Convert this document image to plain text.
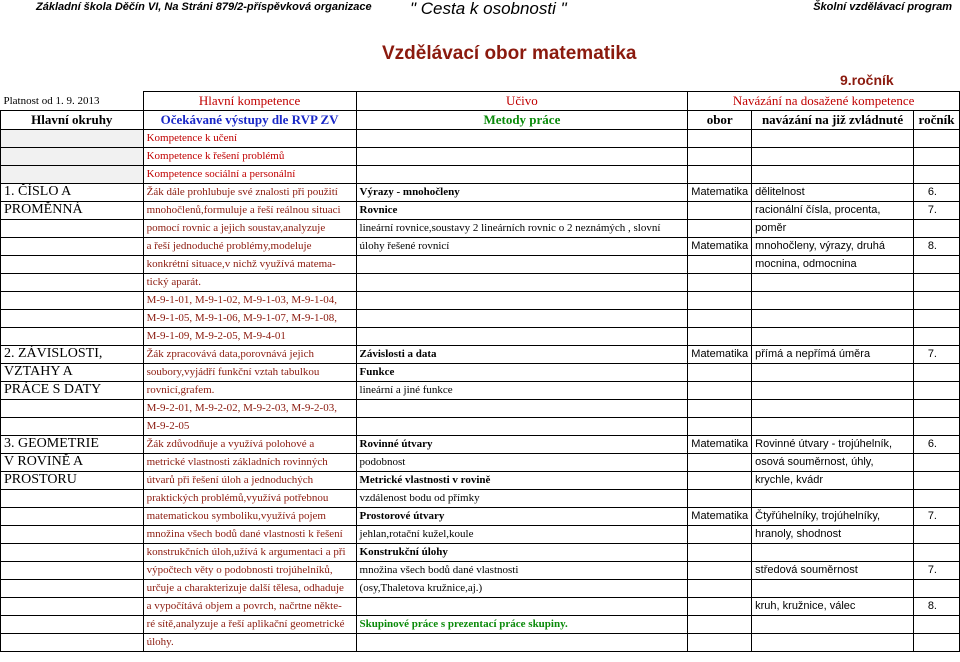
Základní škola Děčín VI, Na Stráni 879/2-příspěvková organizace " Cesta k osobnosti "	Školní vzdělávací program
Vzdělávací obor matematika
9.ročník
Platnost od 1. 9. 2013	Hlavní kompetence	Učivo	Navázání na dosažené kompetence		
Hlavní okruhy	Očekávané výstupy dle RVP ZV	Metody práce	obor	navázání na již zvládnuté	ročník
	Kompetence k učení				
	Kompetence k řešení problémů				
	Kompetence sociální a personální				
1. ČÍSLO A	Žák dále prohlubuje své znalosti při použití	Výrazy - mnohočleny	Matematika	dělitelnost	6.
PROMĚNNÁ	mnohočlenů,formuluje a řeší reálnou situaci	Rovnice		racionální čísla, procenta,	7.
	pomocí rovnic a jejich soustav,analyzuje	lineární rovnice,soustavy 2 lineárních rovnic o 2 neznámých , slovní		poměr	
	a řeší jednoduché problémy,modeluje	úlohy řešené rovnicí	Matematika	mnohočleny, výrazy, druhá	8.
	konkrétní situace,v nichž využívá matema-			mocnina, odmocnina	
	tický aparát.				
	M-9-1-01, M-9-1-02, M-9-1-03, M-9-1-04,				
	M-9-1-05, M-9-1-06, M-9-1-07, M-9-1-08,				
	M-9-1-09, M-9-2-05, M-9-4-01				
2. ZÁVISLOSTI,	Žák zpracovává data,porovnává jejich	Závislosti a data	Matematika	přímá a nepřímá úměra	7.
VZTAHY A	soubory,vyjádří funkční vztah tabulkou	Funkce			
PRÁCE S DATY	rovnicí,grafem.	lineární a jiné funkce			
	M-9-2-01, M-9-2-02, M-9-2-03, M-9-2-03,				
	M-9-2-05				
3. GEOMETRIE	Žák zdůvodňuje a využívá polohové a	Rovinné útvary	Matematika	Rovinné útvary - trojúhelník,	6.
V ROVINĚ A	metrické vlastnosti základních rovinných	podobnost		osová souměrnost, úhly,	
PROSTORU	útvarů při řešení úloh a jednoduchých	Metrické vlastnosti v rovině		krychle, kvádr	
	praktických problémů,využívá potřebnou	vzdálenost bodu od přímky			
	matematickou symboliku,využívá pojem	Prostorové útvary	Matematika	Čtyřúhelníky, trojúhelníky,	7.
	množina všech bodů dané vlastnosti k řešení	jehlan,rotační kužel,koule		hranoly, shodnost	
	konstrukčních úloh,užívá k argumentaci a při	Konstrukční úlohy			
	výpočtech věty o podobnosti trojúhelníků,	množina všech bodů dané vlastnosti		středová souměrnost	7.
	určuje a charakterizuje další tělesa, odhaduje	(osy,Thaletova kružnice,aj.)			
	a vypočítává objem a povrch, načrtne někte-			kruh, kružnice, válec	8.
	ré sítě,analyzuje a řeší aplikační geometrické	Skupinové práce s prezentací práce skupiny.			
	úlohy.				
